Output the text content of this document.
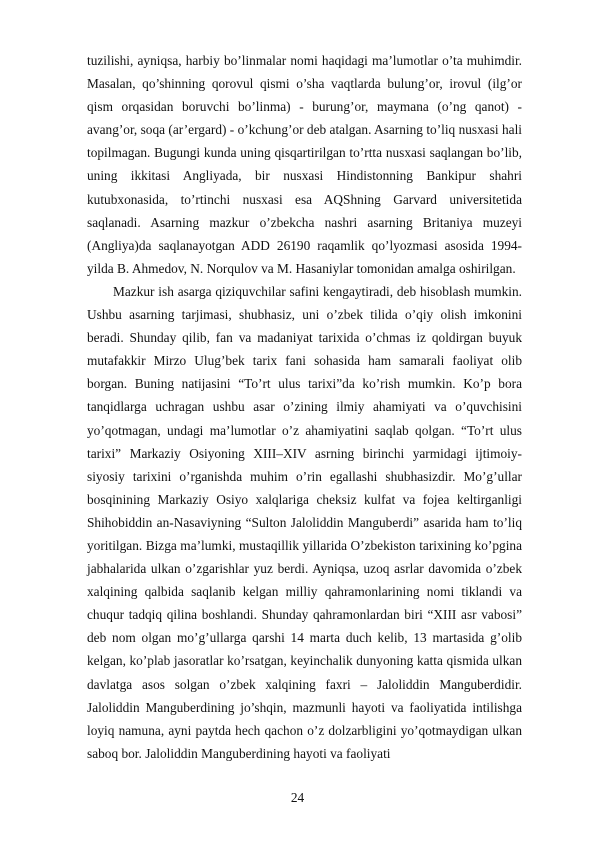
tuzilishi, ayniqsa, harbiy bo’linmalar nomi haqidagi ma’lumotlar o’ta muhimdir. Masalan, qo’shinning qorovul qismi o’sha vaqtlarda bulung’or, irovul (ilg’or qism orqasidan boruvchi bo’linma) - burung’or, maymana (o’ng qanot) - avang’or, soqa (ar’ergard) - o’kchung’or deb atalgan. Asarning to’liq nusxasi hali topilmagan. Bugungi kunda uning qisqartirilgan to’rtta nusxasi saqlangan bo’lib, uning ikkitasi Angliyada, bir nusxasi Hindistonning Bankipur shahri kutubxonasida, to’rtinchi nusxasi esa AQShning Garvard universitetida saqlanadi. Asarning mazkur o’zbekcha nashri asarning Britaniya muzeyi (Angliya)da saqlanayotgan ADD 26190 raqamlik qo’lyozmasi asosida 1994- yilda B. Ahmedov, N. Norqulov va M. Hasaniylar tomonidan amalga oshirilgan.

Mazkur ish asarga qiziquvchilar safini kengaytiradi, deb hisoblash mumkin. Ushbu asarning tarjimasi, shubhasiz, uni o’zbek tilida o’qiy olish imkonini beradi. Shunday qilib, fan va madaniyat tarixida o’chmas iz qoldirgan buyuk mutafakkir Mirzo Ulug’bek tarix fani sohasida ham samarali faoliyat olib borgan. Buning natijasini “To’rt ulus tarixi”da ko’rish mumkin. Ko’p bora tanqidlarga uchragan ushbu asar o’zining ilmiy ahamiyati va o’quvchisini yo’qotmagan, undagi ma’lumotlar o’z ahamiyatini saqlab qolgan. “To’rt ulus tarixi” Markaziy Osiyoning XIII–XIV asrning birinchi yarmidagi ijtimoiy-siyosiy tarixini o’rganishda muhim o’rin egallashi shubhasizdir. Mo’g’ullar bosqinining Markaziy Osiyo xalqlariga cheksiz kulfat va fojea keltirganligi Shihobiddin an-Nasaviyning “Sulton Jaloliddin Manguberdi” asarida ham to’liq yoritilgan. Bizga ma’lumki, mustaqillik yillarida O’zbekiston tarixining ko’pgina jabhalarida ulkan o’zgarishlar yuz berdi. Ayniqsa, uzoq asrlar davomida o’zbek xalqining qalbida saqlanib kelgan milliy qahramonlarining nomi tiklandi va chuqur tadqiq qilina boshlandi. Shunday qahramonlardan biri “XIII asr vabosi” deb nom olgan mo’g’ullarga qarshi 14 marta duch kelib, 13 martasida g’olib kelgan, ko’plab jasoratlar ko’rsatgan, keyinchalik dunyoning katta qismida ulkan davlatga asos solgan o’zbek xalqining faxri – Jaloliddin Manguberdidir. Jaloliddin Manguberdining jo’shqin, mazmunli hayoti va faoliyatida intilishga loyiq namuna, ayni paytda hech qachon o’z dolzarbligini yo’qotmaydigan ulkan saboq bor. Jaloliddin Manguberdining hayoti va faoliyati

24
